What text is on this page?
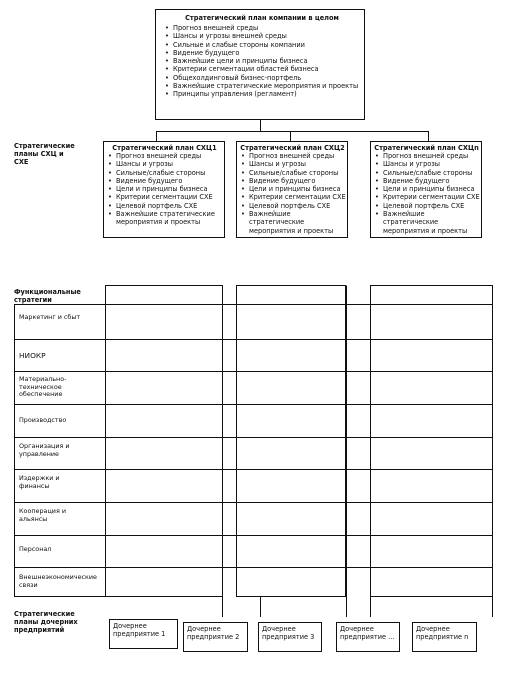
Стратегический план компании в целом
• Прогноз внешней среды
• Шансы и угрозы внешней среды
• Сильные и слабые стороны компании
• Видение будущего
• Важнейшие цели и принципы бизнеса
• Критерии сегментации областей бизнеса
• Общехолдинговый бизнес-портфель
• Важнейшие стратегические мероприятия и проекты
• Принципы управления (регламент)
Стратегические планы СХЦ и СХЕ
Стратегический план СХЦ1
• Прогноз внешней среды
• Шансы и угрозы
• Сильные/слабые стороны
• Видение будущего
• Цели и принципы бизнеса
• Критерии сегментации СХЕ
• Целевой портфель СХЕ
• Важнейшие стратегические мероприятия и проекты
Стратегический план СХЦ2
• Прогноз внешней среды
• Шансы и угрозы
• Сильные/слабые стороны
• Видение будущего
• Цели и принципы бизнеса
• Критерии сегментации СХЕ
• Целевой портфель СХЕ
• Важнейшие стратегические мероприятия и проекты
Стратегический план СХЦn
• Прогноз внешней среды
• Шансы и угрозы
• Сильные/слабые стороны
• Видение будущего
• Цели и принципы бизнеса
• Критерии сегментации СХЕ
• Целевой портфель СХЕ
• Важнейшие стратегические мероприятия и проекты
Функциональные стратегии
Маркетинг и сбыт
НИОКР
Материально-техническое обеспечение
Производство
Организация и управление
Издержки и финансы
Кооперация и альянсы
Персонал
Внешнеэкономические связи
Стратегические планы дочерних предприятий	Дочернее предприятие 1
Дочернее предприятие 2
Дочернее предприятие 3
Дочернее предприятие ...
Дочернее предприятие n
